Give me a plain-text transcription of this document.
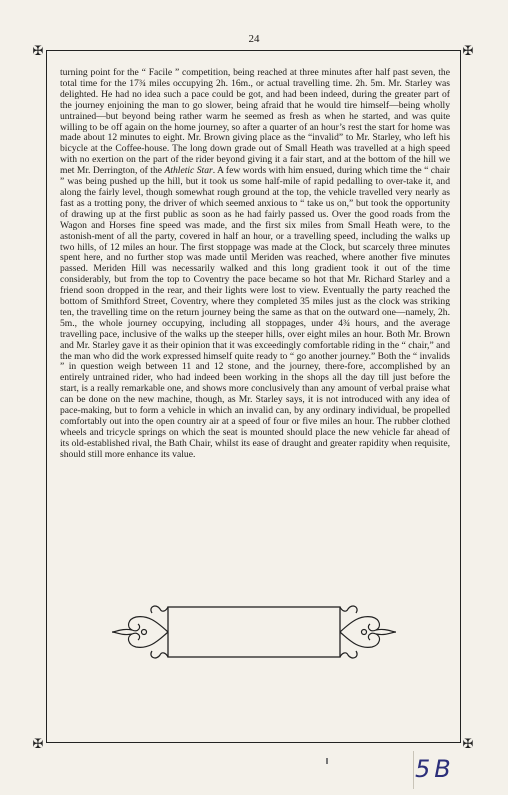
24
✠	✠
✠	✠

turning point for the “ Facile ” competition, being reached at three minutes after half past seven, the total time for the 17¾ miles occupying 2h. 16m., or actual travelling time. 2h. 5m. Mr. Starley was delighted. He had no idea such a pace could be got, and had been indeed, during the greater part of the journey enjoining the man to go slower, being afraid that he would tire himself—being wholly untrained—but beyond being rather warm he seemed as fresh as when he started, and was quite willing to be off again on the home journey, so after a quarter of an hour’s rest the start for home was made about 12 minutes to eight. Mr. Brown giving place as the “invalid” to Mr. Starley, who left his bicycle at the Coffee-house. The long down grade out of Small Heath was travelled at a high speed with no exertion on the part of the rider beyond giving it a fair start, and at the bottom of the hill we met Mr. Derrington, of the Athletic Star. A few words with him ensued, during which time the “ chair ” was being pushed up the hill, but it took us some half-mile of rapid pedalling to over-take it, and along the fairly level, though somewhat rough ground at the top, the vehicle travelled very nearly as fast as a trotting pony, the driver of which seemed anxious to “ take us on,” but took the opportunity of drawing up at the first public as soon as he had fairly passed us. Over the good roads from the Wagon and Horses fine speed was made, and the first six miles from Small Heath were, to the astonish-ment of all the party, covered in half an hour, or a travelling speed, including the walks up two hills, of 12 miles an hour. The first stoppage was made at the Clock, but scarcely three minutes spent here, and no further stop was made until Meriden was reached, where another five minutes passed. Meriden Hill was necessarily walked and this long gradient took it out of the time considerably, but from the top to Coventry the pace became so hot that Mr. Richard Starley and a friend soon dropped in the rear, and their lights were lost to view. Eventually the party reached the bottom of Smithford Street, Coventry, where they completed 35 miles just as the clock was striking ten, the travelling time on the return journey being the same as that on the outward one—namely, 2h. 5m., the whole journey occupying, including all stoppages, under 4¾ hours, and the average travelling pace, inclusive of the walks up the steeper hills, over eight miles an hour. Both Mr. Brown and Mr. Starley gave it as their opinion that it was exceedingly comfortable riding in the “ chair,” and the man who did the work expressed himself quite ready to “ go another journey.” Both the “ invalids ” in question weigh between 11 and 12 stone, and the journey, there-fore, accomplished by an entirely untrained rider, who had indeed been working in the shops all the day till just before the start, is a really remarkable one, and shows more conclusively than any amount of verbal praise what can be done on the new machine, though, as Mr. Starley says, it is not introduced with any idea of pace-making, but to form a vehicle in which an invalid can, by any ordinary individual, be propelled comfortably out into the open country air at a speed of four or five miles an hour. The rubber clothed wheels and tricycle springs on which the seat is mounted should place the new vehicle far ahead of its old-established rival, the Bath Chair, whilst its ease of draught and greater rapidity when requisite, should still more enhance its value.

5B
